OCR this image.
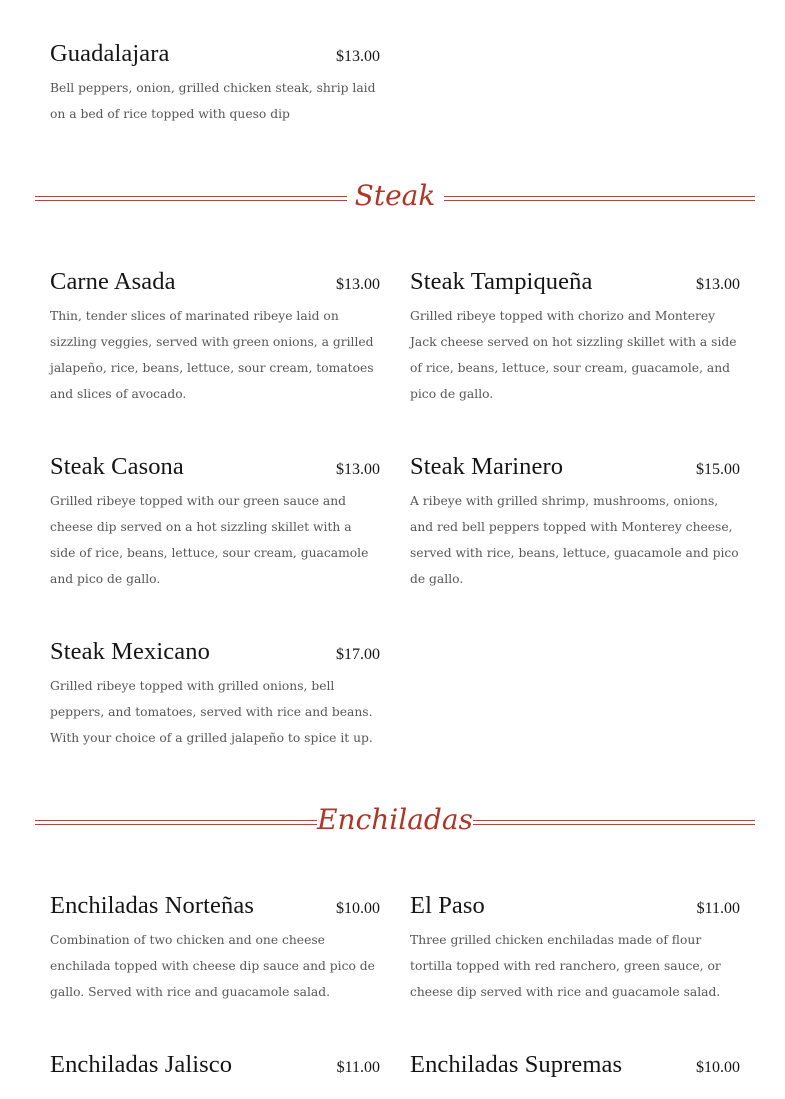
Guadalajara	$13.00
Bell peppers, onion, grilled chicken steak, shrip laid on a bed of rice topped with queso dip
Steak
Carne Asada	$13.00
Thin, tender slices of marinated ribeye laid on sizzling veggies, served with green onions, a grilled jalapeño, rice, beans, lettuce, sour cream, tomatoes and slices of avocado.
Steak Tampiqueña	$13.00
Grilled ribeye topped with chorizo and Monterey Jack cheese served on hot sizzling skillet with a side of rice, beans, lettuce, sour cream, guacamole, and pico de gallo.
Steak Casona	$13.00
Grilled ribeye topped with our green sauce and cheese dip served on a hot sizzling skillet with a side of rice, beans, lettuce, sour cream, guacamole and pico de gallo.
Steak Marinero	$15.00
A ribeye with grilled shrimp, mushrooms, onions, and red bell peppers topped with Monterey cheese, served with rice, beans, lettuce, guacamole and pico de gallo.
Steak Mexicano	$17.00
Grilled ribeye topped with grilled onions, bell peppers, and tomatoes, served with rice and beans. With your choice of a grilled jalapeño to spice it up.
Enchiladas
Enchiladas Norteñas	$10.00
Combination of two chicken and one cheese enchilada topped with cheese dip sauce and pico de gallo. Served with rice and guacamole salad.
El Paso	$11.00
Three grilled chicken enchiladas made of flour tortilla topped with red ranchero, green sauce, or cheese dip served with rice and guacamole salad.
Enchiladas Jalisco	$11.00 Enchiladas Supremas	$10.00
